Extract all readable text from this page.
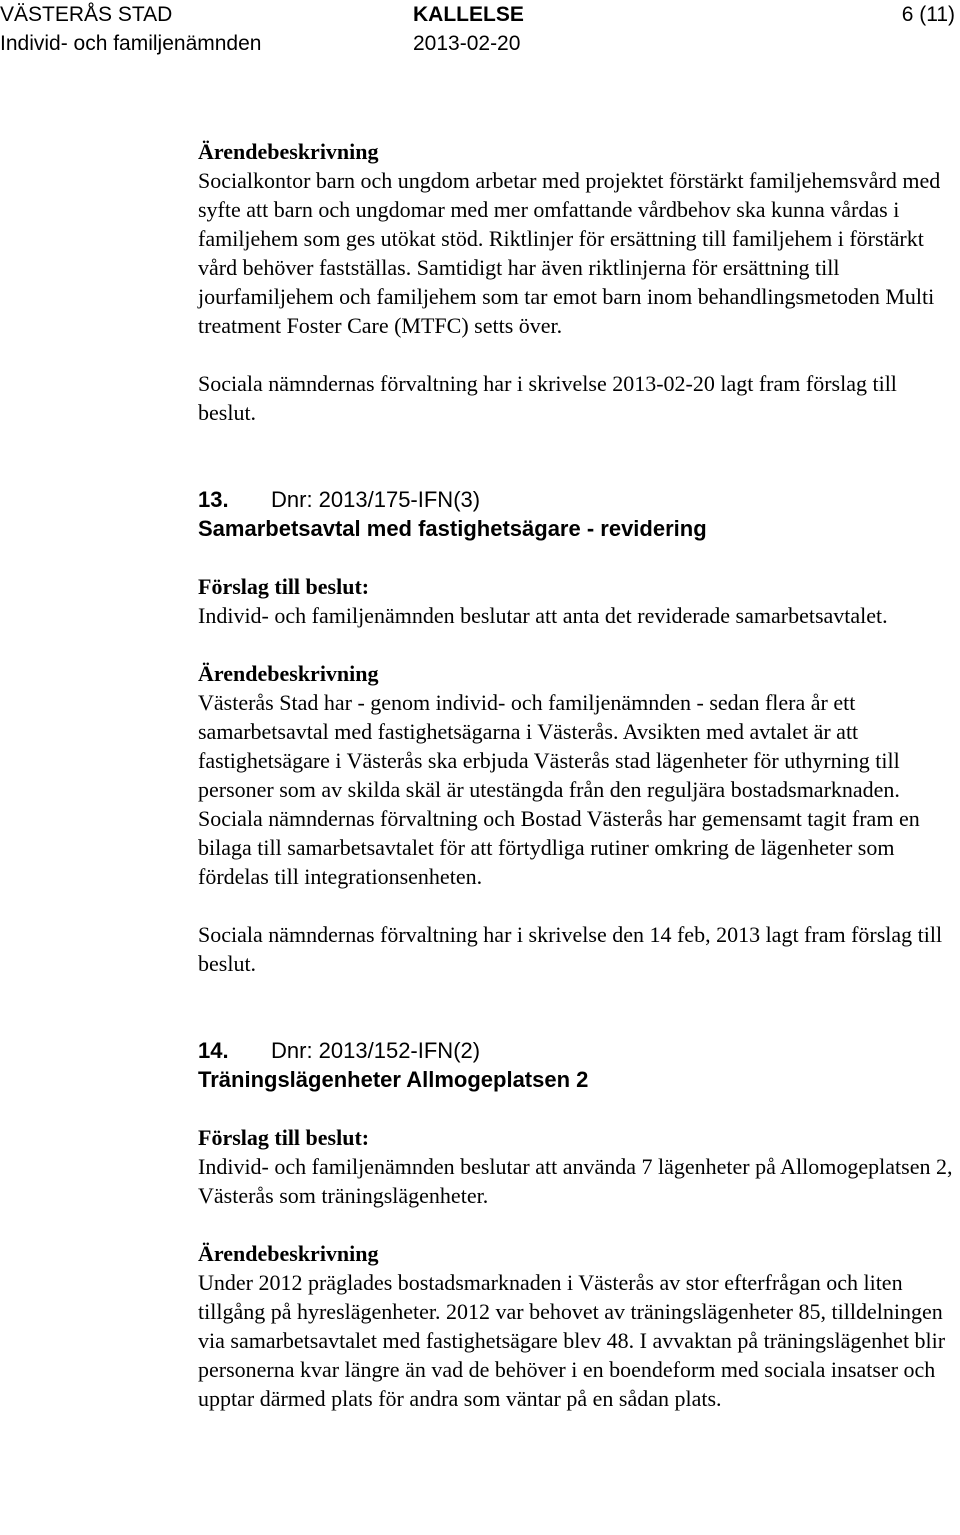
VÄSTERÅS STAD
Individ- och familjenämnden
KALLELSE
2013-02-20
6 (11)

Ärendebeskrivning

Socialkontor barn och ungdom arbetar med projektet förstärkt familjehemsvård med syfte att barn och ungdomar med mer omfattande vårdbehov ska kunna vårdas i familjehem som ges utökat stöd. Riktlinjer för ersättning till familjehem i förstärkt vård behöver fastställas. Samtidigt har även riktlinjerna för ersättning till jourfamiljehem och familjehem som tar emot barn inom behandlingsmetoden Multi treatment Foster Care (MTFC) setts över.

Sociala nämndernas förvaltning har i skrivelse 2013-02-20 lagt fram förslag till beslut.

13. Dnr: 2013/175-IFN(3)

Samarbetsavtal med fastighetsägare - revidering

Förslag till beslut:

Individ- och familjenämnden beslutar att anta det reviderade samarbetsavtalet.

Ärendebeskrivning

Västerås Stad har - genom individ- och familjenämnden - sedan flera år ett samarbetsavtal med fastighetsägarna i Västerås. Avsikten med avtalet är att fastighetsägare i Västerås ska erbjuda Västerås stad lägenheter för uthyrning till personer som av skilda skäl är utestängda från den reguljära bostadsmarknaden.

Sociala nämndernas förvaltning och Bostad Västerås har gemensamt tagit fram en bilaga till samarbetsavtalet för att förtydliga rutiner omkring de lägenheter som fördelas till integrationsenheten.

Sociala nämndernas förvaltning har i skrivelse den 14 feb, 2013 lagt fram förslag till beslut.

14. Dnr: 2013/152-IFN(2)

Träningslägenheter Allmogeplatsen 2

Förslag till beslut:

Individ- och familjenämnden beslutar att använda 7 lägenheter på Allomogeplatsen 2, Västerås som träningslägenheter.

Ärendebeskrivning

Under 2012 präglades bostadsmarknaden i Västerås av stor efterfrågan och liten tillgång på hyreslägenheter. 2012 var behovet av träningslägenheter 85, tilldelningen via samarbetsavtalet med fastighetsägare blev 48. I avvaktan på träningslägenhet blir personerna kvar längre än vad de behöver i en boendeform med sociala insatser och upptar därmed plats för andra som väntar på en sådan plats.
